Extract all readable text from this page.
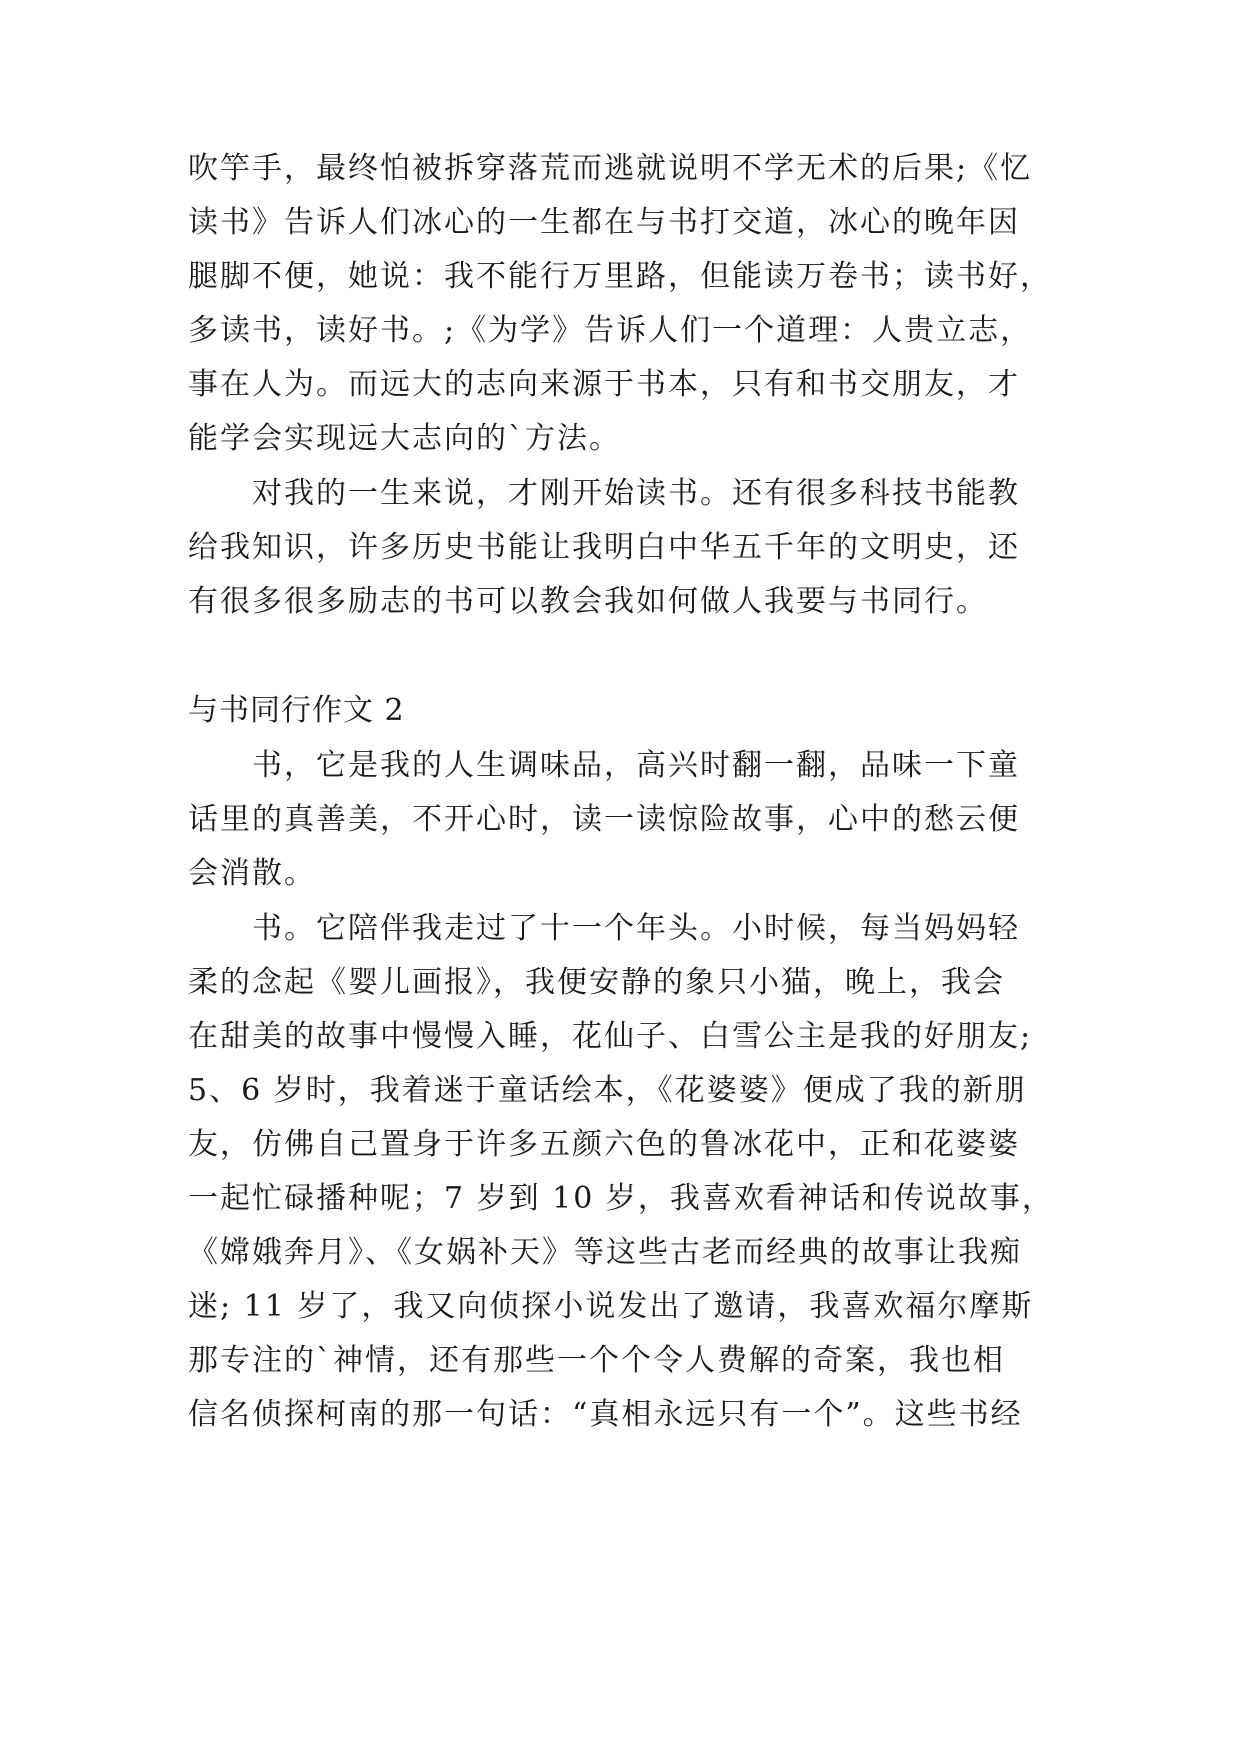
吹竽手，最终怕被拆穿落荒而逃就说明不学无术的后果;《忆
读书》告诉人们冰心的一生都在与书打交道，冰心的晚年因
腿脚不便，她说：我不能行万里路，但能读万卷书；读书好，
多读书，读好书。;《为学》告诉人们一个道理：人贵立志，
事在人为。而远大的志向来源于书本，只有和书交朋友，才
能学会实现远大志向的`方法。
对我的一生来说，才刚开始读书。还有很多科技书能教
给我知识，许多历史书能让我明白中华五千年的文明史，还
有很多很多励志的书可以教会我如何做人我要与书同行。
与书同行作文 2
书，它是我的人生调味品，高兴时翻一翻，品味一下童
话里的真善美，不开心时，读一读惊险故事，心中的愁云便
会消散。
书。它陪伴我走过了十一个年头。小时候，每当妈妈轻
柔的念起《婴儿画报》，我便安静的象只小猫，晚上，我会
在甜美的故事中慢慢入睡，花仙子、白雪公主是我的好朋友;
5、6 岁时，我着迷于童话绘本，《花婆婆》便成了我的新朋
友，仿佛自己置身于许多五颜六色的鲁冰花中，正和花婆婆
一起忙碌播种呢；7 岁到 10 岁，我喜欢看神话和传说故事，
《嫦娥奔月》、《女娲补天》等这些古老而经典的故事让我痴
迷; 11 岁了，我又向侦探小说发出了邀请，我喜欢福尔摩斯
那专注的`神情，还有那些一个个令人费解的奇案，我也相
信名侦探柯南的那一句话：“真相永远只有一个”。这些书经
